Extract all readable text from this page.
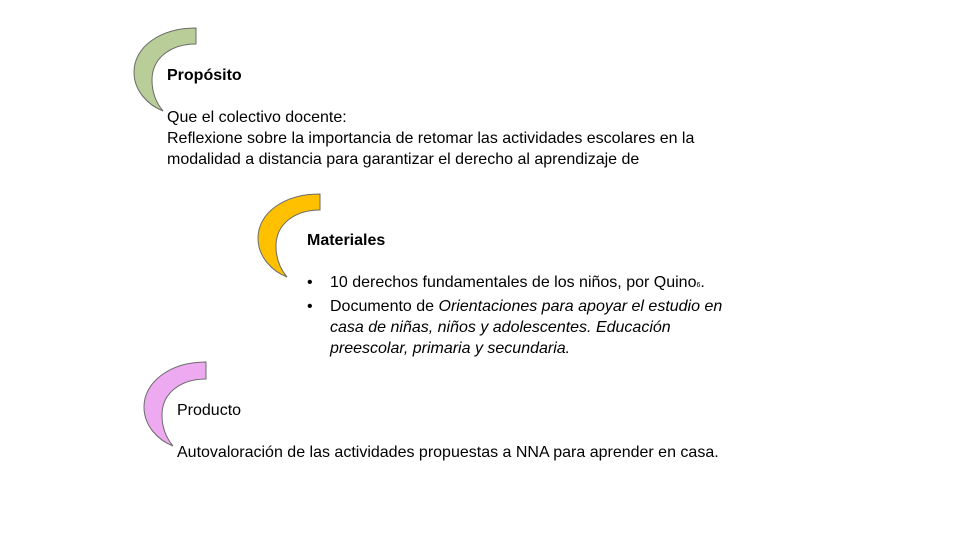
Propósito

Que el colectivo docente:

Reflexione sobre la importancia de retomar las actividades escolares en la

modalidad a distancia para garantizar el derecho al aprendizaje de

Materiales
• 10 derechos fundamentales de los niños, por Quino6.
• Documento de Orientaciones para apoyar el estudio en
casa de niñas, niños y adolescentes. Educación
preescolar, primaria y secundaria.
Producto

Autovaloración de las actividades propuestas a NNA para aprender en casa.
